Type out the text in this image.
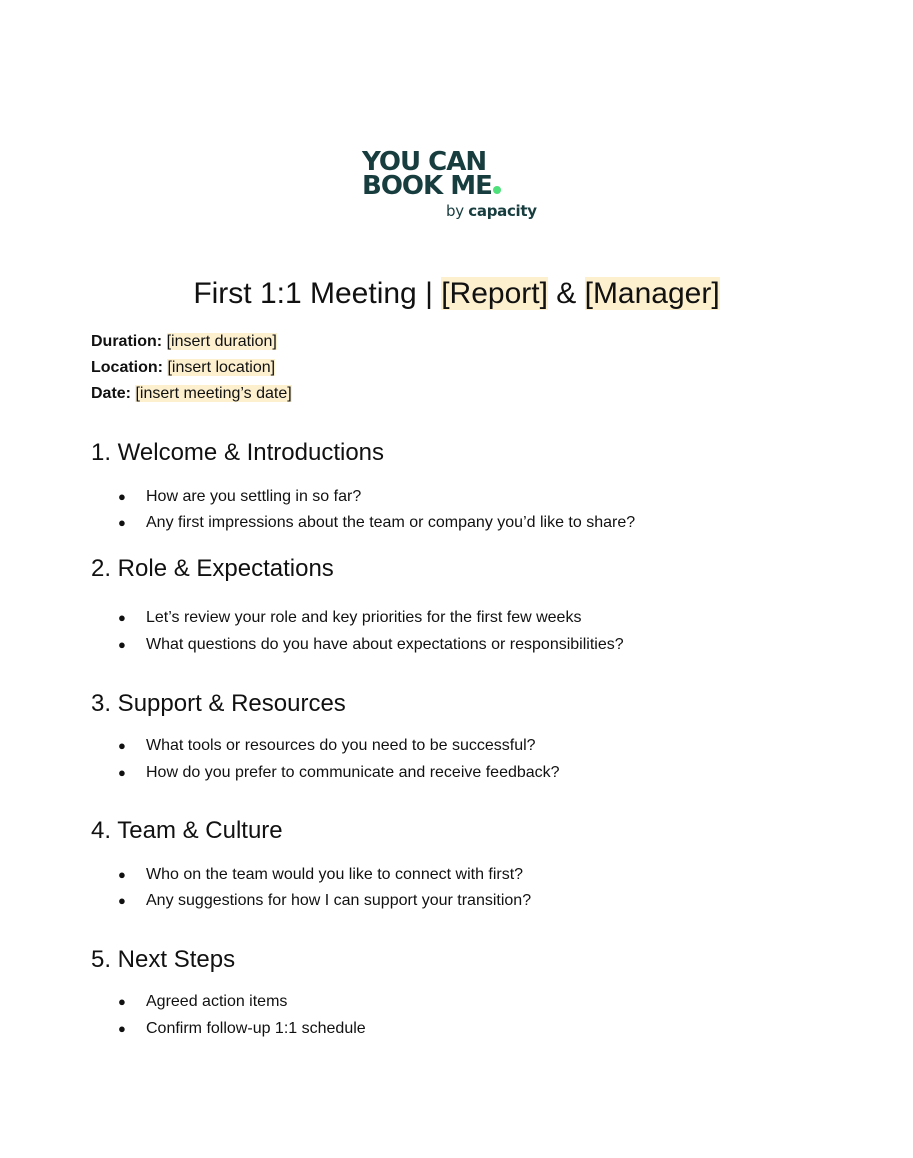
YOU CAN
BOOK ME
by capacity
First 1:1 Meeting | [Report] & [Manager]
Duration: [insert duration]
Location: [insert location]
Date: [insert meeting’s date]
1. Welcome & Introductions
● How are you settling in so far?
● Any first impressions about the team or company you’d like to share?
2. Role & Expectations
● Let’s review your role and key priorities for the first few weeks
● What questions do you have about expectations or responsibilities?
3. Support & Resources
● What tools or resources do you need to be successful?
● How do you prefer to communicate and receive feedback?
4. Team & Culture
● Who on the team would you like to connect with first?
● Any suggestions for how I can support your transition?
5. Next Steps
● Agreed action items
● Confirm follow-up 1:1 schedule
